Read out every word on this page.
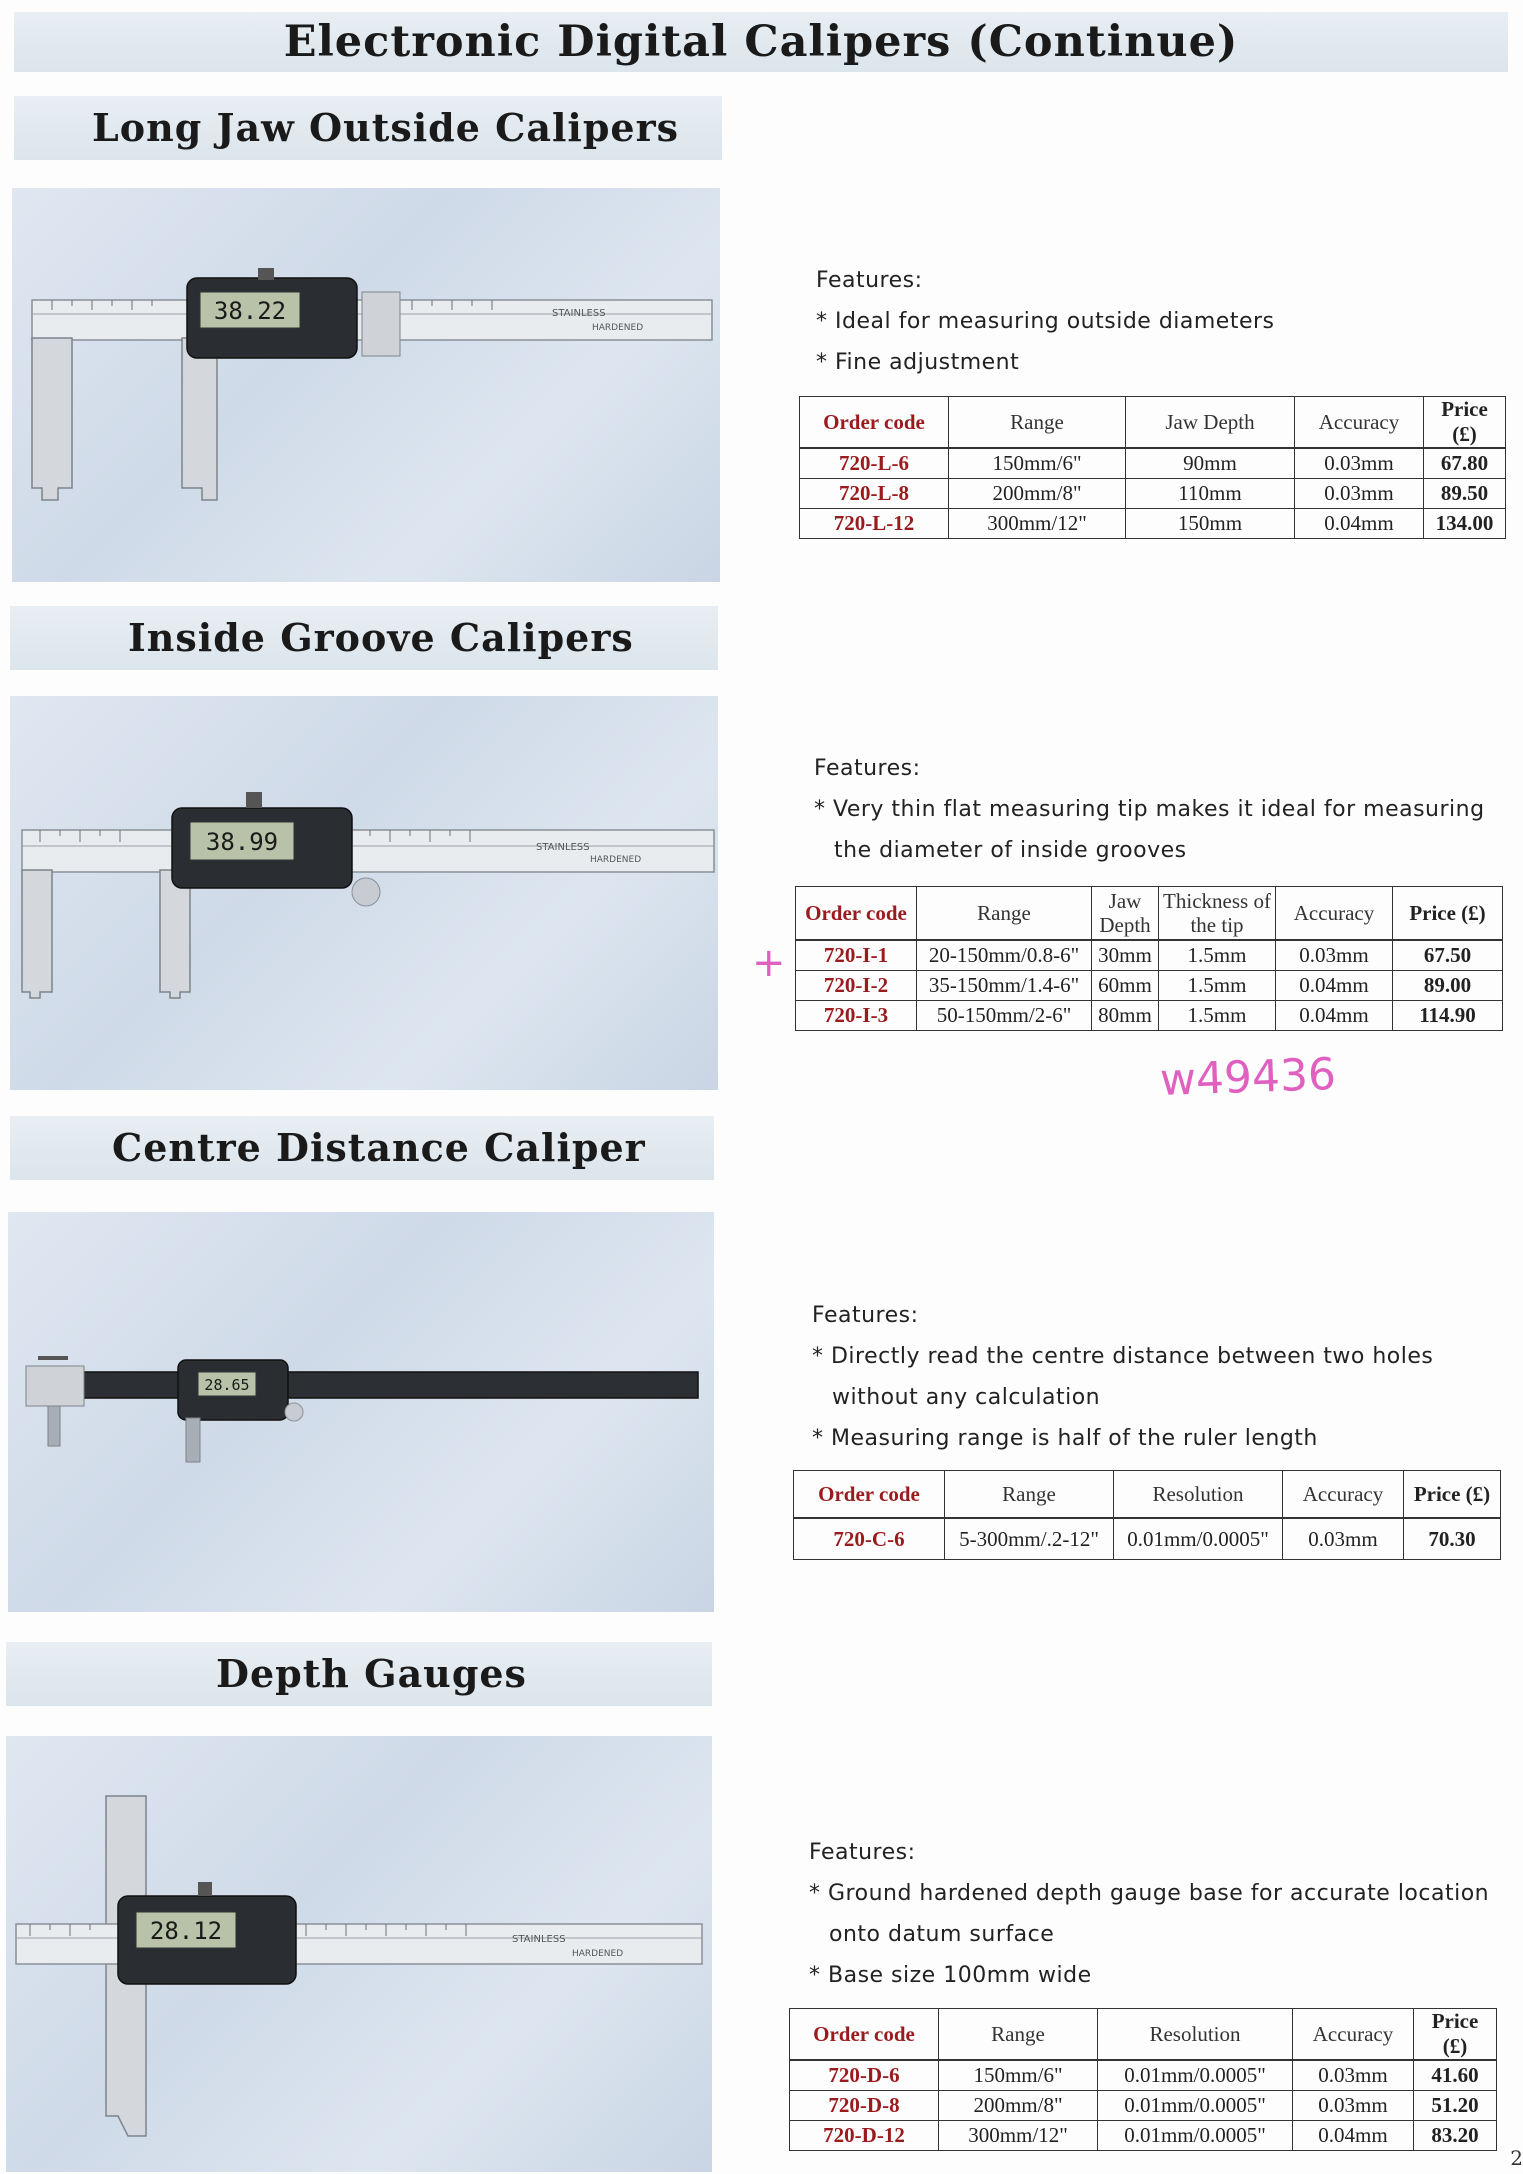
Electronic Digital Calipers (Continue)
Long Jaw Outside Calipers
STAINLESS
HARDENED
38.22

Features:

* Ideal for measuring outside diameters

* Fine adjustment

Order code	Range	Jaw Depth	Accuracy	Price (£)
720-L-6	150mm/6"	90mm	0.03mm	67.80
720-L-8	200mm/8"	110mm	0.03mm	89.50
720-L-12	300mm/12"	150mm	0.04mm	134.00
Inside Groove Calipers
STAINLESS
HARDENED
38.99

Features:

* Very thin flat measuring tip makes it ideal for measuring

the diameter of inside grooves

Order code	Range	Jaw Depth	Thickness of the tip	Accuracy	Price (£)
720-I-1	20-150mm/0.8-6"	30mm	1.5mm	0.03mm	67.50
720-I-2	35-150mm/1.4-6"	60mm	1.5mm	0.04mm	89.00
720-I-3	50-150mm/2-6"	80mm	1.5mm	0.04mm	114.90
+
w49436
Centre Distance Caliper
28.65

Features:

* Directly read the centre distance between two holes

without any calculation

* Measuring range is half of the ruler length

Order code	Range	Resolution	Accuracy	Price (£)
720-C-6	5-300mm/.2-12"	0.01mm/0.0005"	0.03mm	70.30
Depth Gauges
STAINLESS
HARDENED
28.12

Features:

* Ground hardened depth gauge base for accurate location

onto datum surface

* Base size 100mm wide

Order code	Range	Resolution	Accuracy	Price (£)
720-D-6	150mm/6"	0.01mm/0.0005"	0.03mm	41.60
720-D-8	200mm/8"	0.01mm/0.0005"	0.03mm	51.20
720-D-12	300mm/12"	0.01mm/0.0005"	0.04mm	83.20
2
